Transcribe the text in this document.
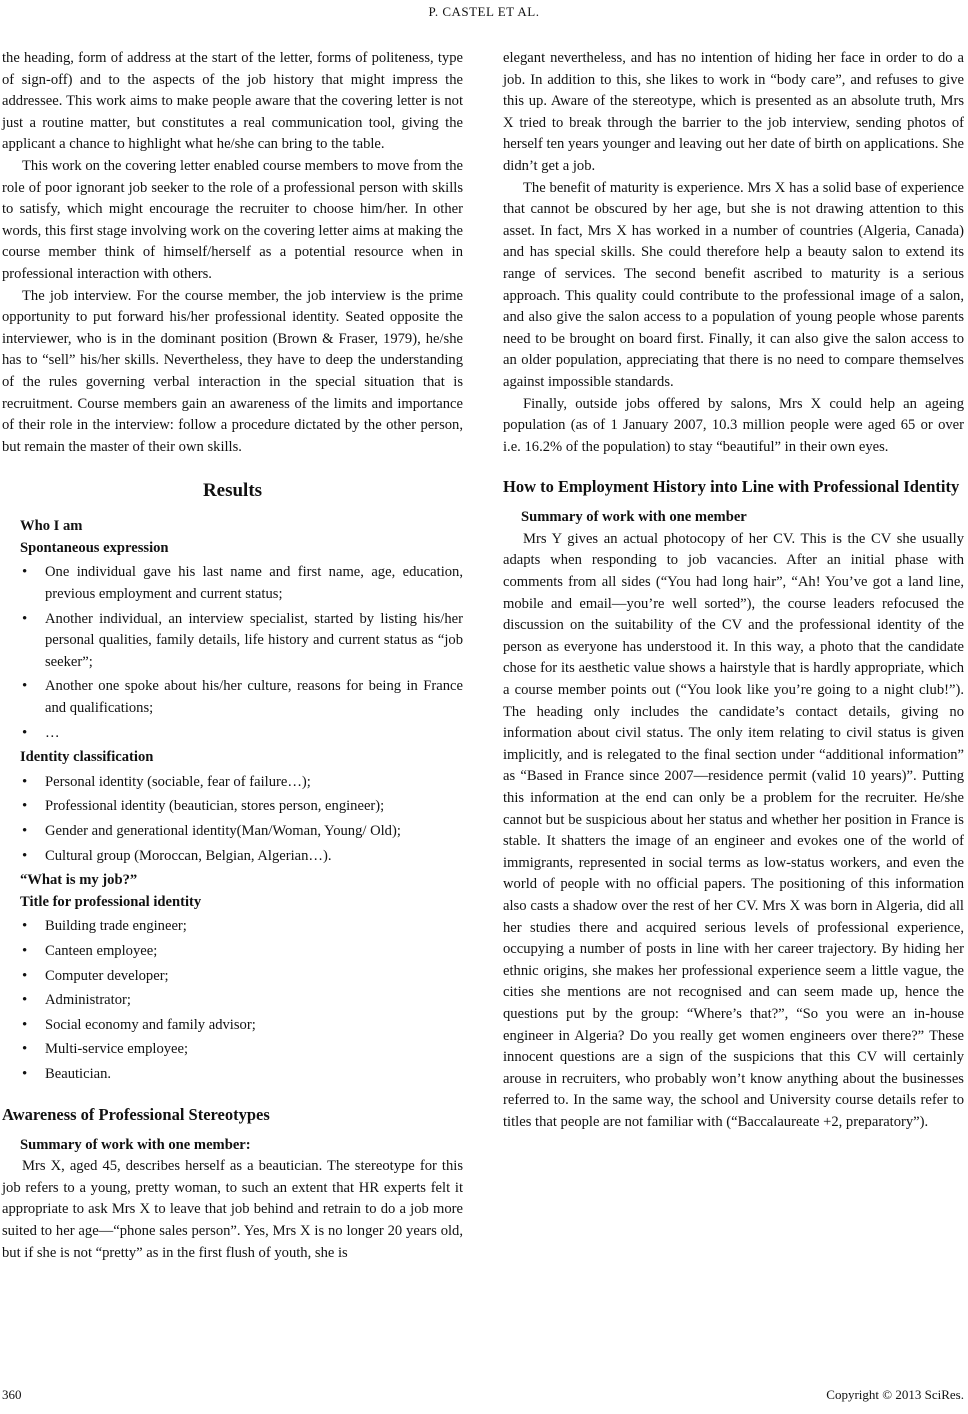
P. CASTEL ET AL.

the heading, form of address at the start of the letter, forms of politeness, type of sign-off) and to the aspects of the job history that might impress the addressee. This work aims to make people aware that the covering letter is not just a routine matter, but constitutes a real communication tool, giving the applicant a chance to highlight what he/she can bring to the table.

This work on the covering letter enabled course members to move from the role of poor ignorant job seeker to the role of a professional person with skills to satisfy, which might encourage the recruiter to choose him/her. In other words, this first stage involving work on the covering letter aims at making the course member think of himself/herself as a potential resource when in professional interaction with others.

The job interview. For the course member, the job interview is the prime opportunity to put forward his/her professional identity. Seated opposite the interviewer, who is in the dominant position (Brown & Fraser, 1979), he/she has to “sell” his/her skills. Nevertheless, they have to deep the understanding of the rules governing verbal interaction in the special situation that is recruitment. Course members gain an awareness of the limits and importance of their role in the interview: follow a procedure dictated by the other person, but remain the master of their own skills.

Results
Who I am
Spontaneous expression
• One individual gave his last name and first name, age, education, previous employment and current status;
• Another individual, an interview specialist, started by listing his/her personal qualities, family details, life history and current status as “job seeker”;
• Another one spoke about his/her culture, reasons for being in France and qualifications;
• …
Identity classification
• Personal identity (sociable, fear of failure…);
• Professional identity (beautician, stores person, engineer);
• Gender and generational identity(Man/Woman, Young/ Old);
• Cultural group (Moroccan, Belgian, Algerian…).
“What is my job?”
Title for professional identity
• Building trade engineer;
• Canteen employee;
• Computer developer;
• Administrator;
• Social economy and family advisor;
• Multi-service employee;
• Beautician.
Awareness of Professional Stereotypes
Summary of work with one member:

Mrs X, aged 45, describes herself as a beautician. The stereotype for this job refers to a young, pretty woman, to such an extent that HR experts felt it appropriate to ask Mrs X to leave that job behind and retrain to do a job more suited to her age—“phone sales person”. Yes, Mrs X is no longer 20 years old, but if she is not “pretty” as in the first flush of youth, she is

elegant nevertheless, and has no intention of hiding her face in order to do a job. In addition to this, she likes to work in “body care”, and refuses to give this up. Aware of the stereotype, which is presented as an absolute truth, Mrs X tried to break through the barrier to the job interview, sending photos of herself ten years younger and leaving out her date of birth on applications. She didn’t get a job.

The benefit of maturity is experience. Mrs X has a solid base of experience that cannot be obscured by her age, but she is not drawing attention to this asset. In fact, Mrs X has worked in a number of countries (Algeria, Canada) and has special skills. She could therefore help a beauty salon to extend its range of services. The second benefit ascribed to maturity is a serious approach. This quality could contribute to the professional image of a salon, and also give the salon access to a population of young people whose parents need to be brought on board first. Finally, it can also give the salon access to an older population, appreciating that there is no need to compare themselves against impossible standards.

Finally, outside jobs offered by salons, Mrs X could help an ageing population (as of 1 January 2007, 10.3 million people were aged 65 or over i.e. 16.2% of the population) to stay “beautiful” in their own eyes.

How to Employment History into Line with Professional Identity
Summary of work with one member

Mrs Y gives an actual photocopy of her CV. This is the CV she usually adapts when responding to job vacancies. After an initial phase with comments from all sides (“You had long hair”, “Ah! You’ve got a land line, mobile and email—you’re well sorted”), the course leaders refocused the discussion on the suitability of the CV and the professional identity of the person as everyone has understood it. In this way, a photo that the candidate chose for its aesthetic value shows a hairstyle that is hardly appropriate, which a course member points out (“You look like you’re going to a night club!”). The heading only includes the candidate’s contact details, giving no information about civil status. The only item relating to civil status is given implicitly, and is relegated to the final section under “additional information” as “Based in France since 2007—residence permit (valid 10 years)”. Putting this information at the end can only be a problem for the recruiter. He/she cannot but be suspicious about her status and whether her position in France is stable. It shatters the image of an engineer and evokes one of the world of immigrants, represented in social terms as low-status workers, and even the world of people with no official papers. The positioning of this information also casts a shadow over the rest of her CV. Mrs X was born in Algeria, did all her studies there and acquired serious levels of professional experience, occupying a number of posts in line with her career trajectory. By hiding her ethnic origins, she makes her professional experience seem a little vague, the cities she mentions are not recognised and can seem made up, hence the questions put by the group: “Where’s that?”, “So you were an in-house engineer in Algeria? Do you really get women engineers over there?” These innocent questions are a sign of the suspicions that this CV will certainly arouse in recruiters, who probably won’t know anything about the businesses referred to. In the same way, the school and University course details refer to titles that people are not familiar with (“Baccalaureate +2, preparatory”).

360	Copyright © 2013 SciRes.
